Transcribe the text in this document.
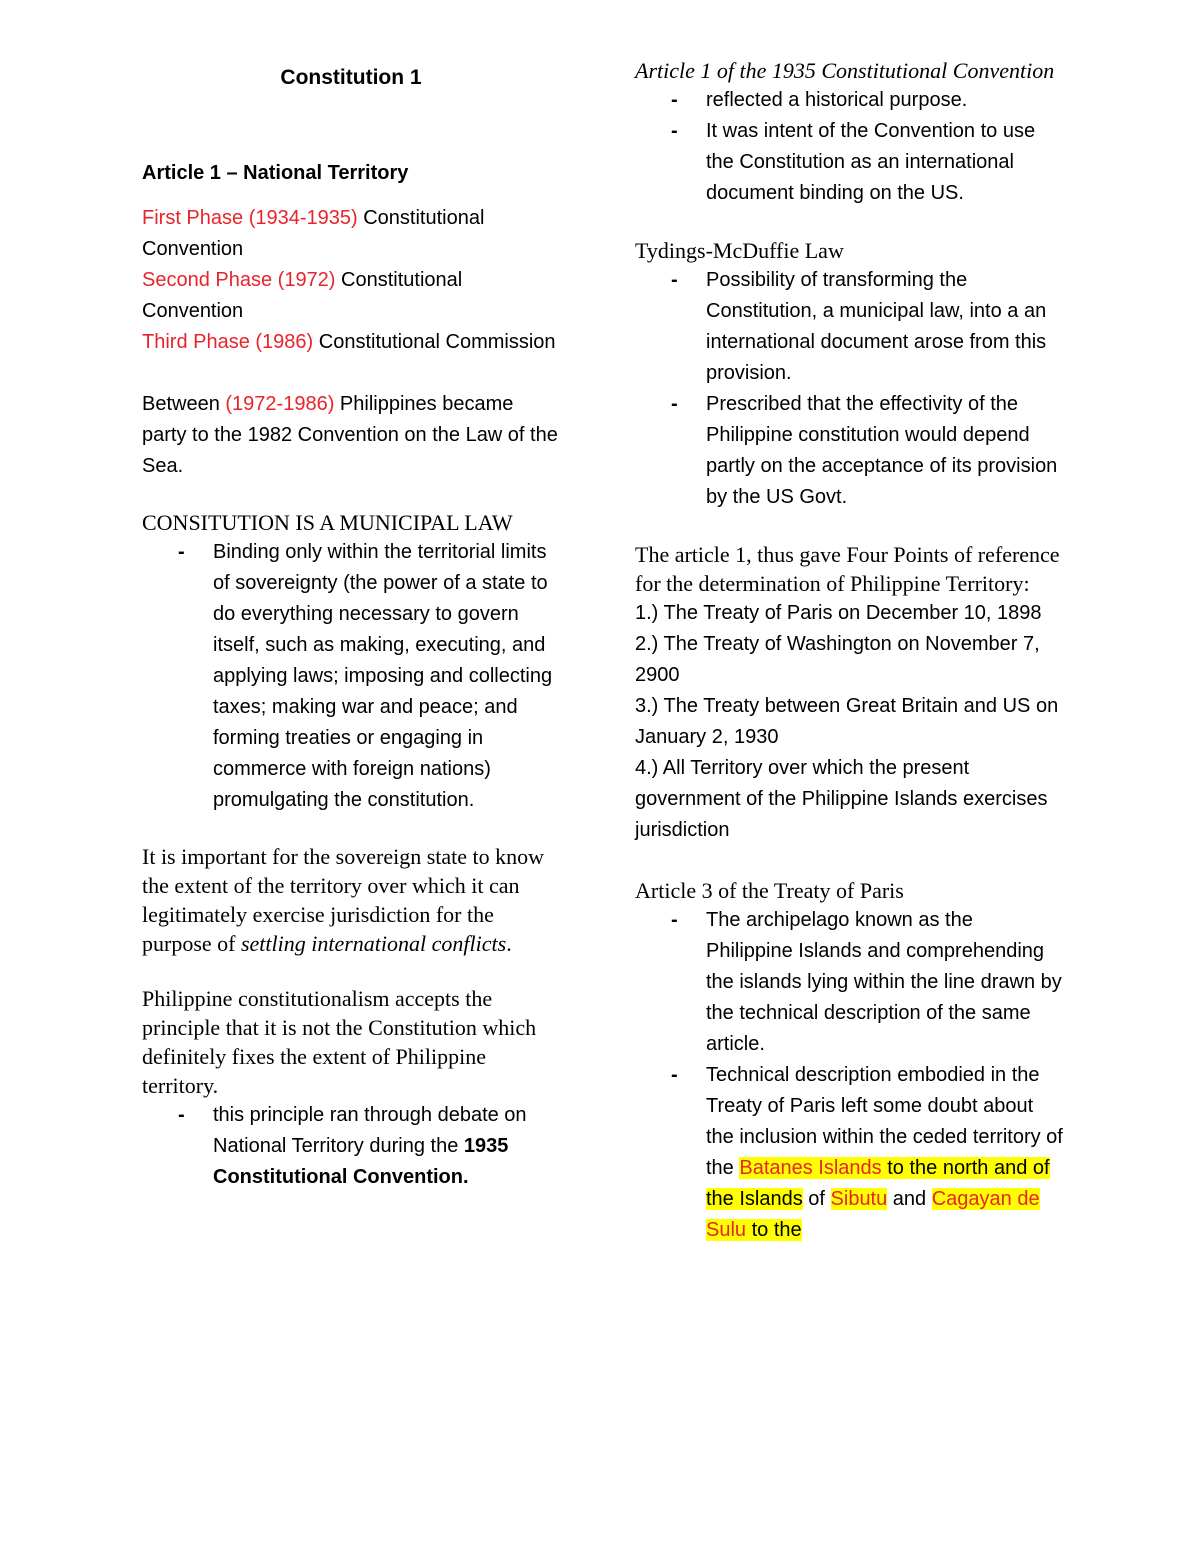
Constitution 1

Article 1 – National Territory

First Phase (1934-1935) Constitutional Convention

Second Phase (1972) Constitutional Convention

Third Phase (1986) Constitutional Commission

Between (1972-1986) Philippines became party to the 1982 Convention on the Law of the Sea.

CONSITUTION IS A MUNICIPAL LAW

- Binding only within the territorial limits of sovereignty (the power of a state to do everything necessary to govern itself, such as making, executing, and applying laws; imposing and collecting taxes; making war and peace; and forming treaties or engaging in commerce with foreign nations) promulgating the constitution.

It is important for the sovereign state to know the extent of the territory over which it can legitimately exercise jurisdiction for the purpose of settling international conflicts.

Philippine constitutionalism accepts the principle that it is not the Constitution which definitely fixes the extent of Philippine territory.

- this principle ran through debate on National Territory during the 1935 Constitutional Convention.

Article 1 of the 1935 Constitutional Convention

- reflected a historical purpose.
- It was intent of the Convention to use the Constitution as an international document binding on the US.

Tydings-McDuffie Law

- Possibility of transforming the Constitution, a municipal law, into a an international document arose from this provision.
- Prescribed that the effectivity of the Philippine constitution would depend partly on the acceptance of its provision by the US Govt.

The article 1, thus gave Four Points of reference for the determination of Philippine Territory:

1.) The Treaty of Paris on December 10, 1898

2.) The Treaty of Washington on November 7, 2900

3.) The Treaty between Great Britain and US on January 2, 1930

4.) All Territory over which the present government of the Philippine Islands exercises jurisdiction

Article 3 of the Treaty of Paris

- The archipelago known as the Philippine Islands and comprehending the islands lying within the line drawn by the technical description of the same article.
- Technical description embodied in the Treaty of Paris left some doubt about the inclusion within the ceded territory of the Batanes Islands to the north and of the Islands of Sibutu and Cagayan de Sulu to the
